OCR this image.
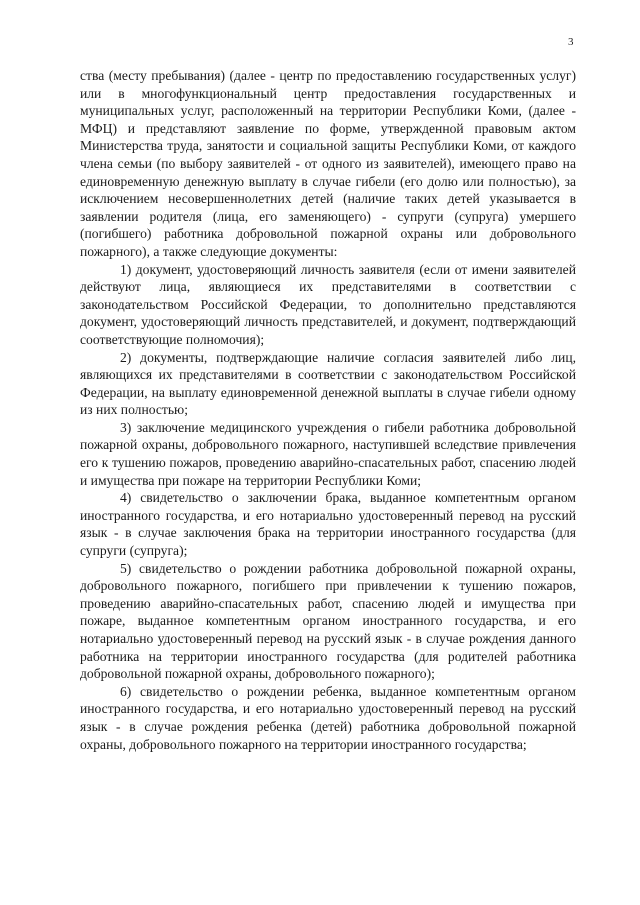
3

ства (месту пребывания) (далее - центр по предоставлению государственных услуг) или в многофункциональный центр предоставления государственных и муниципальных услуг, расположенный на территории Республики Коми, (далее - МФЦ) и представляют заявление по форме, утвержденной правовым актом Министерства труда, занятости и социальной защиты Республики Коми, от каждого члена семьи (по выбору заявителей - от одного из заявителей), имеющего право на единовременную денежную выплату в случае гибели (его долю или полностью), за исключением несовершеннолетних детей (наличие таких детей указывается в заявлении родителя (лица, его заменяющего) - супруги (супруга) умершего (погибшего) работника добровольной пожарной охраны или добровольного пожарного), а также следующие документы:

1) документ, удостоверяющий личность заявителя (если от имени заявителей действуют лица, являющиеся их представителями в соответствии с законодательством Российской Федерации, то дополнительно представляются документ, удостоверяющий личность представителей, и документ, подтверждающий соответствующие полномочия);

2) документы, подтверждающие наличие согласия заявителей либо лиц, являющихся их представителями в соответствии с законодательством Российской Федерации, на выплату единовременной денежной выплаты в случае гибели одному из них полностью;

3) заключение медицинского учреждения о гибели работника добровольной пожарной охраны, добровольного пожарного, наступившей вследствие привлечения его к тушению пожаров, проведению аварийно-спасательных работ, спасению людей и имущества при пожаре на территории Республики Коми;

4) свидетельство о заключении брака, выданное компетентным органом иностранного государства, и его нотариально удостоверенный перевод на русский язык - в случае заключения брака на территории иностранного государства (для супруги (супруга);

5) свидетельство о рождении работника добровольной пожарной охраны, добровольного пожарного, погибшего при привлечении к тушению пожаров, проведению аварийно-спасательных работ, спасению людей и имущества при пожаре, выданное компетентным органом иностранного государства, и его нотариально удостоверенный перевод на русский язык - в случае рождения данного работника на территории иностранного государства (для родителей работника добровольной пожарной охраны, добровольного пожарного);

6) свидетельство о рождении ребенка, выданное компетентным органом иностранного государства, и его нотариально удостоверенный перевод на русский язык - в случае рождения ребенка (детей) работника добровольной пожарной охраны, добровольного пожарного на территории иностранного государства;
